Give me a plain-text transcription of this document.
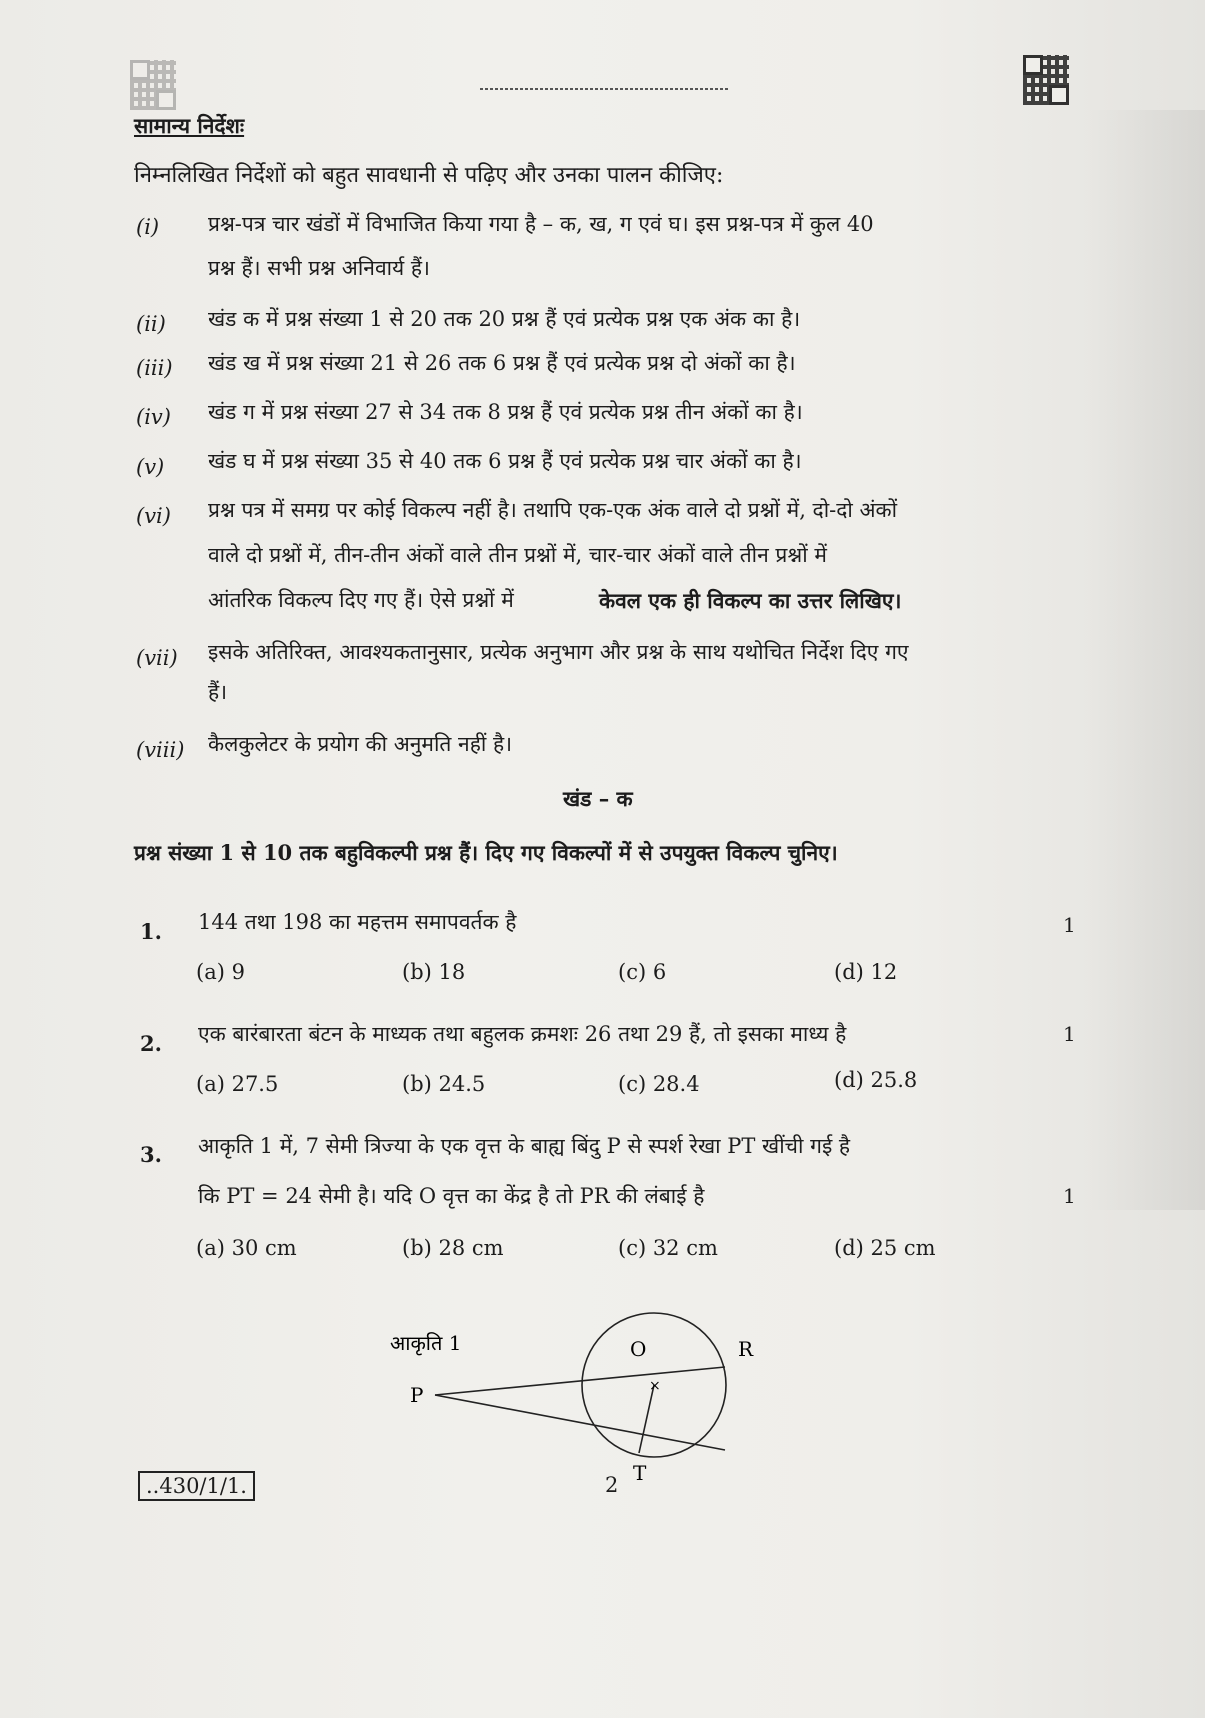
सामान्य निर्देशः
निम्नलिखित निर्देशों को बहुत सावधानी से पढ़िए और उनका पालन कीजिए:
(i) प्रश्न-पत्र चार खंडों में विभाजित किया गया है – क, ख, ग एवं घ। इस प्रश्न-पत्र में कुल 40
प्रश्न हैं। सभी प्रश्न अनिवार्य हैं।
(ii) खंड क में प्रश्न संख्या 1 से 20 तक 20 प्रश्न हैं एवं प्रत्येक प्रश्न एक अंक का है।
(iii) खंड ख में प्रश्न संख्या 21 से 26 तक 6 प्रश्न हैं एवं प्रत्येक प्रश्न दो अंकों का है।
(iv) खंड ग में प्रश्न संख्या 27 से 34 तक 8 प्रश्न हैं एवं प्रत्येक प्रश्न तीन अंकों का है।
(v) खंड घ में प्रश्न संख्या 35 से 40 तक 6 प्रश्न हैं एवं प्रत्येक प्रश्न चार अंकों का है।
(vi) प्रश्न पत्र में समग्र पर कोई विकल्प नहीं है। तथापि एक-एक अंक वाले दो प्रश्नों में, दो-दो अंकों
वाले दो प्रश्नों में, तीन-तीन अंकों वाले तीन प्रश्नों में, चार-चार अंकों वाले तीन प्रश्नों में
आंतरिक विकल्प दिए गए हैं। ऐसे प्रश्नों में	केवल एक ही विकल्प का उत्तर लिखिए।
(vii) इसके अतिरिक्त, आवश्यकतानुसार, प्रत्येक अनुभाग और प्रश्न के साथ यथोचित निर्देश दिए गए
हैं।
(viii) कैलकुलेटर के प्रयोग की अनुमति नहीं है।
खंड – क
प्रश्न संख्या 1 से 10 तक बहुविकल्पी प्रश्न हैं। दिए गए विकल्पों में से उपयुक्त विकल्प चुनिए।
1. 144 तथा 198 का महत्तम समापवर्तक है	1
(a) 9	(b) 18	(c) 6	(d) 12
2. एक बारंबारता बंटन के माध्यक तथा बहुलक क्रमशः 26 तथा 29 हैं, तो इसका माध्य है	1
(a) 27.5	(b) 24.5	(c) 28.4	(d) 25.8
3. आकृति 1 में, 7 सेमी त्रिज्या के एक वृत्त के बाह्य बिंदु P से स्पर्श रेखा PT खींची गई है
कि PT = 24 सेमी है। यदि O वृत्त का केंद्र है तो PR की लंबाई है	1
(a) 30 cm	(b) 28 cm	(c) 32 cm	(d) 25 cm
आकृति 1
×
O	R
P
T
..430/1/1.	2
